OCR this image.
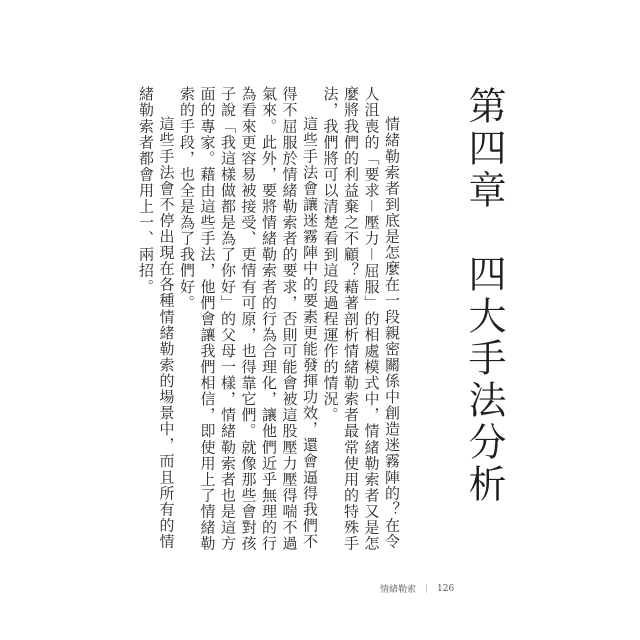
第四章　四大手法分析

情緒勒索者到底是怎麼在一段親密關係中創造迷霧陣的？在令人沮喪的「要求－壓力－屈服」的相處模式中，情緒勒索者又是怎麼將我們的利益棄之不顧？藉著剖析情緒勒索者最常使用的特殊手法，我們將可以清楚看到這段過程運作的情況。

這些手法會讓迷霧陣中的要素更能發揮功效，還會逼得我們不得不屈服於情緒勒索者的要求，否則可能會被這股壓力壓得喘不過氣來。此外，要將情緒勒索者的行為合理化，讓他們近乎無理的行為看來更容易被接受、更情有可原，也得靠它們。就像那些會對孩子說「我這樣做都是為了你好」的父母一樣，情緒勒索者也是這方面的專家。藉由這些手法，他們會讓我們相信，即使用上了情緒勒索的手段，也全是為了我們好。

這些手法會不停出現在各種情緒勒索的場景中，而且所有的情緒勒索者都會用上一、兩招。

情緒勒索 ｜ 126
